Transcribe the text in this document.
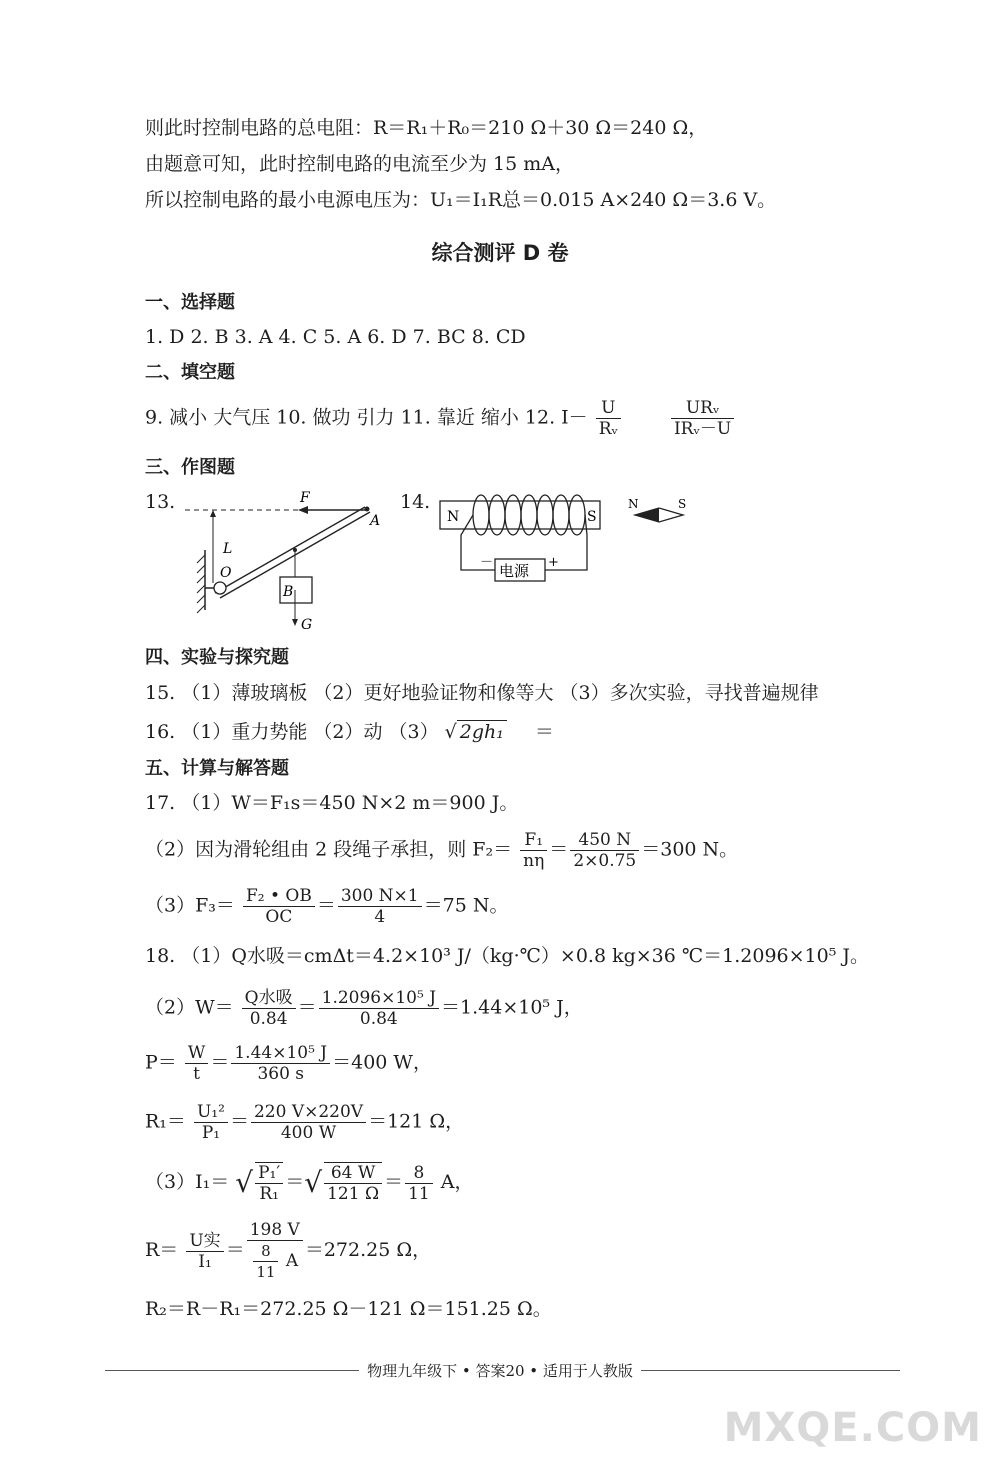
则此时控制电路的总电阻：R＝R₁＋R₀＝210 Ω＋30 Ω＝240 Ω，
由题意可知，此时控制电路的电流至少为 15 mA，
所以控制电路的最小电源电压为：U₁＝I₁R总＝0.015 A×240 Ω＝3.6 V。
综合测评 D 卷
一、选择题
1. D 2. B 3. A 4. C 5. A 6. D 7. BC 8. CD
二、填空题
9. 减小 大气压 10. 做功 引力 11. 靠近 缩小 12. $I- \frac{U}{\text{Rᵥ}}$
	$\frac{\text{URᵥ}}{\text{IRᵥ－U}}$
三、作图题
13.	14.
F
A
L
O
B
G
N	S
电源
－	+
N	S
四、实验与探究题
15. （1）薄玻璃板 （2）更好地验证物和像等大 （3）多次实验，寻找普遍规律
16. （1）重力势能 （2）动 （3） √ 2gh₁ ＝
五、计算与解答题
17. （1）W＝F₁s＝450 N×2 m＝900 J。
（2）因为滑轮组由 2 段绳子承担，则 $F_2= \frac{\text{F₁}}{n\eta} = \frac{450 N}{2\times 0.75} =300$ N。
$(3)F_3= \frac{\text{F₂ • OB}}{OC} = \frac{300 N\times 1}{4} =75$ N。
18. （1）Q水吸＝cmΔt＝4.2×10³ J/（kg·℃）×0.8 kg×36 ℃＝1.2096×10⁵ J。
$(2)W= \frac{\text{Q水吸}}{0.84} = \frac{\text{1.2096×10⁵ J}}{0.84} =1.44\times 10^5$ J，
$P= \frac{W}{t} = \frac{\text{1.44×10⁵ J}}{360 s} =400$ W，
$R_1= \frac{\text{U₁²}}{\text{P₁}} = \frac{220 V\times 220V}{400 W} =121$ Ω，
（3）I₁＝ √ $\frac{\text{P₁′}}{\text{R₁}}$ ＝√ $\frac{64 W}{121 \Omega} = \frac{8}{11}$ A，
$R= \frac{\text{U实}}{\text{I₁}} = \frac{198 V}{\frac{8}{11} A} =272.25$ Ω，
R₂＝R－R₁＝272.25 Ω－121 Ω＝151.25 Ω。
物理九年级下 • 答案20 • 适用于人教版
MXQE.COM
